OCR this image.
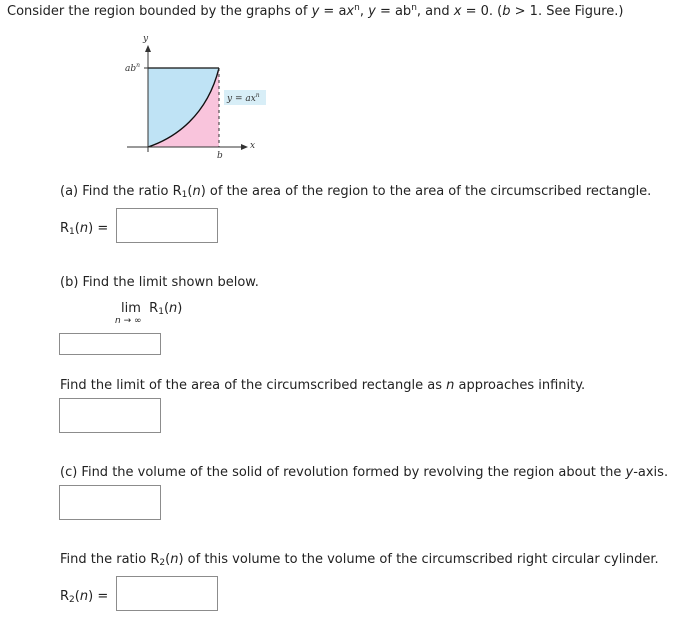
Consider the region bounded by the graphs of $y = ax^n$, $y = ab^n$, and x = 0. (b > 1. See Figure.)
y
x
$ab^n$
b
$y = ax^n$
(a) Find the ratio $R_1(n)$ of the area of the region to the area of the circumscribed rectangle.
$R_1(n)$ =
(b) Find the limit shown below.
$\lim R_1(n)$
n → ∞
Find the limit of the area of the circumscribed rectangle as n approaches infinity.
(c) Find the volume of the solid of revolution formed by revolving the region about the y-axis.
Find the ratio $R_2(n)$ of this volume to the volume of the circumscribed right circular cylinder.
$R_2(n)$ =
